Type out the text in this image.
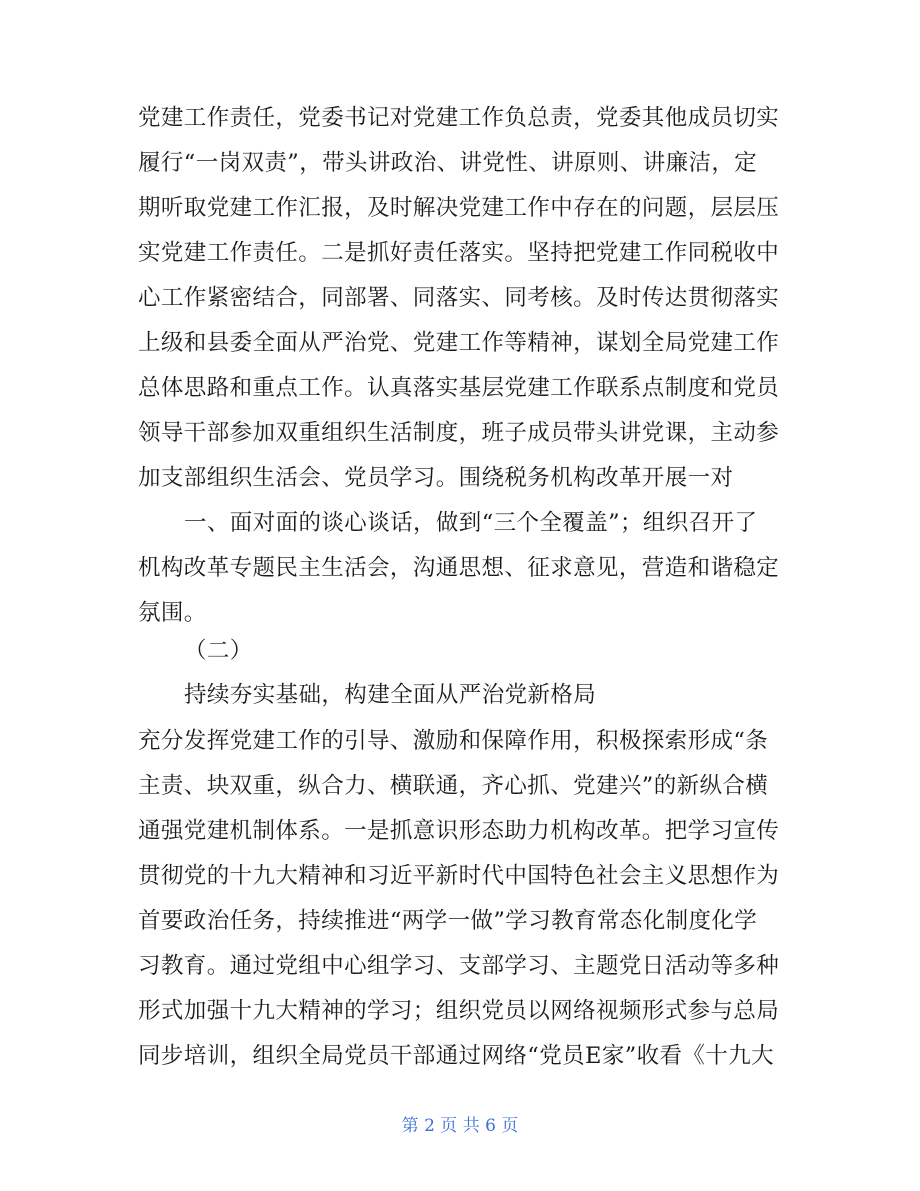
党建工作责任，党委书记对党建工作负总责，党委其他成员切实
履行“一岗双责”，带头讲政治、讲党性、讲原则、讲廉洁，定
期听取党建工作汇报，及时解决党建工作中存在的问题，层层压
实党建工作责任。二是抓好责任落实。坚持把党建工作同税收中
心工作紧密结合，同部署、同落实、同考核。及时传达贯彻落实
上级和县委全面从严治党、党建工作等精神，谋划全局党建工作
总体思路和重点工作。认真落实基层党建工作联系点制度和党员
领导干部参加双重组织生活制度，班子成员带头讲党课，主动参
加支部组织生活会、党员学习。围绕税务机构改革开展一对
一、面对面的谈心谈话，做到“三个全覆盖”；组织召开了
机构改革专题民主生活会，沟通思想、征求意见，营造和谐稳定
氛围。
（二）
持续夯实基础，构建全面从严治党新格局
充分发挥党建工作的引导、激励和保障作用，积极探索形成“条
主责、块双重，纵合力、横联通，齐心抓、党建兴”的新纵合横
通强党建机制体系。一是抓意识形态助力机构改革。把学习宣传
贯彻党的十九大精神和习近平新时代中国特色社会主义思想作为
首要政治任务，持续推进“两学一做”学习教育常态化制度化学
习教育。通过党组中心组学习、支部学习、主题党日活动等多种
形式加强十九大精神的学习；组织党员以网络视频形式参与总局
同步培训，组织全局党员干部通过网络“党员E家”收看《十九大
第 2 页 共 6 页
